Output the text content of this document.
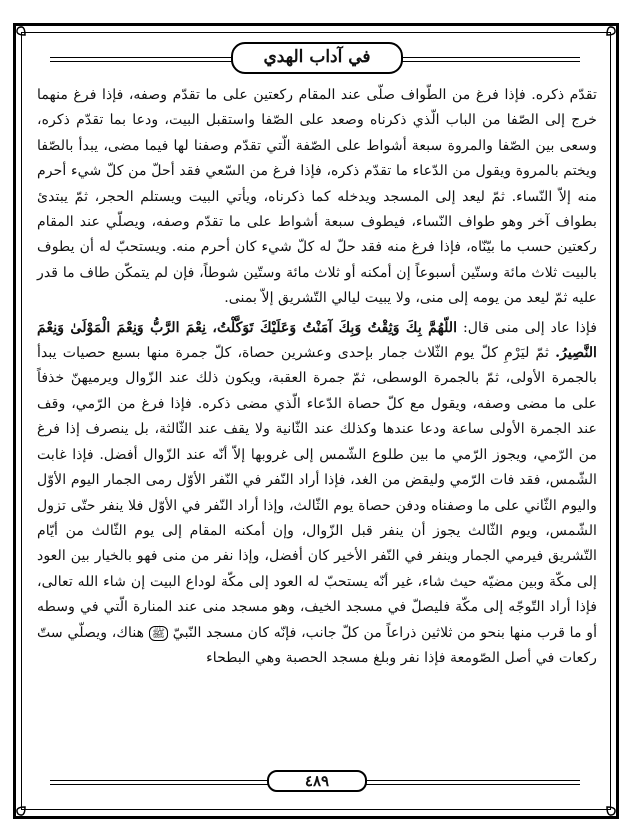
في آداب الهدي

تقدّم ذكره. فإذا فرغ من الطّواف صلّى عند المقام ركعتين على ما تقدّم وصفه، فإذا فرغ منهما خرج إلى الصّفا من الباب الّذي ذكرناه وصعد على الصّفا واستقبل البيت، ودعا بما تقدّم ذكره، وسعى بين الصّفا والمروة سبعة أشواط على الصّفة الّتي تقدّم وصفنا لها فيما مضى، يبدأ بالصّفا ويختم بالمروة ويقول من الدّعاء ما تقدّم ذكره، فإذا فرغ من السّعي فقد أحلّ من كلّ شيء أحرم منه إلاّ النّساء. ثمّ ليعد إلى المسجد ويدخله كما ذكرناه، ويأتي البيت ويستلم الحجر، ثمّ يبتدئ بطواف آخر وهو طواف النّساء، فيطوف سبعة أشواط على ما تقدّم وصفه، ويصلّي عند المقام ركعتين حسب ما بيّنّاه، فإذا فرغ منه فقد حلّ له كلّ شيء كان أحرم منه. ويستحبّ له أن يطوف بالبيت ثلاث مائة وستّين أسبوعاً إن أمكنه أو ثلاث مائة وستّين شوطاً، فإن لم يتمكّن طاف ما قدر عليه ثمّ ليعد من يومه إلى منى، ولا يبيت ليالي التّشريق إلاّ بمنى.

فإذا عاد إلى منى قال: اللّهُمَّ بِكَ وَثِقْتُ وَبِكَ آمَنْتُ وَعَلَيْكَ تَوَكَّلْتُ، نِعْمَ الرَّبُّ وَنِعْمَ الْمَوْلَىٰ وَنِعْمَ النَّصِيرُ. ثمّ ليَرْمِ كلّ يوم الثّلاث جمار بإحدى وعشرين حصاة، كلّ جمرة منها بسبع حصيات يبدأ بالجمرة الأولى، ثمّ بالجمرة الوسطى، ثمّ جمرة العقبة، ويكون ذلك عند الزّوال ويرميهنّ خذفاً على ما مضى وصفه، ويقول مع كلّ حصاة الدّعاء الّذي مضى ذكره. فإذا فرغ من الرّمي، وقف عند الجمرة الأولى ساعة ودعا عندها وكذلك عند الثّانية ولا يقف عند الثّالثة، بل ينصرف إذا فرغ من الرّمي، ويجوز الرّمي ما بين طلوع الشّمس إلى غروبها إلاّ أنّه عند الزّوال أفضل. فإذا غابت الشّمس، فقد فات الرّمي وليقض من الغد، فإذا أراد النّفر في النّفر الأوّل رمى الجمار اليوم الأوّل واليوم الثّاني على ما وصفناه ودفن حصاة يوم الثّالث، وإذا أراد النّفر في الأوّل فلا ينفر حتّى تزول الشّمس، ويوم الثّالث يجوز أن ينفر قبل الزّوال، وإن أمكنه المقام إلى يوم الثّالث من أيّام التّشريق فيرمي الجمار وينفر في النّفر الأخير كان أفضل، وإذا نفر من منى فهو بالخيار بين العود إلى مكّة وبين مضيّه حيث شاء، غير أنّه يستحبّ له العود إلى مكّة لوداع البيت إن شاء الله تعالى، فإذا أراد التّوجّه إلى مكّة فليصلّ في مسجد الخيف، وهو مسجد منى عند المنارة الّتي في وسطه أو ما قرب منها بنحو من ثلاثين ذراعاً من كلّ جانب، فإنّه كان مسجد النّبيّ ﷺ هناك، ويصلّي ستّ ركعات في أصل الصّومعة فإذا نفر وبلغ مسجد الحصبة وهي البطحاء

٤٨٩
